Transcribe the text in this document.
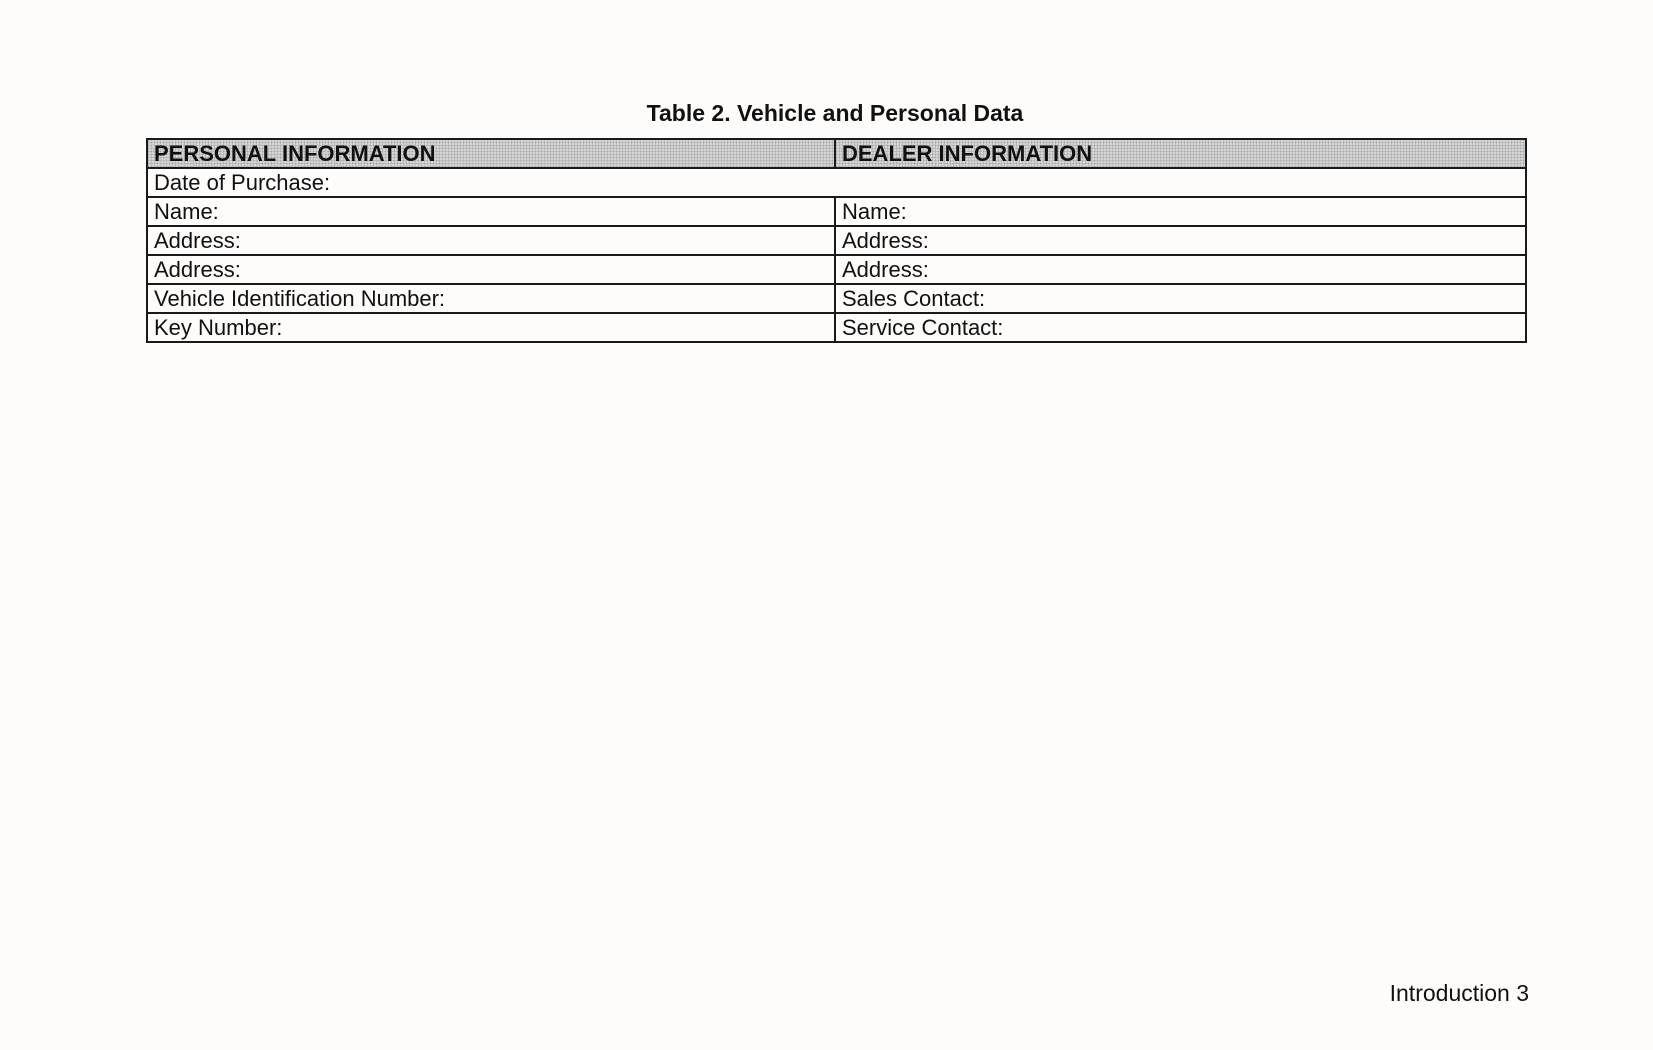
Table 2. Vehicle and Personal Data
PERSONAL INFORMATION	DEALER INFORMATION
Date of Purchase:	
Name:	Name:
Address:	Address:
Address:	Address:
Vehicle Identification Number:	Sales Contact:
Key Number:	Service Contact:
Introduction 3
